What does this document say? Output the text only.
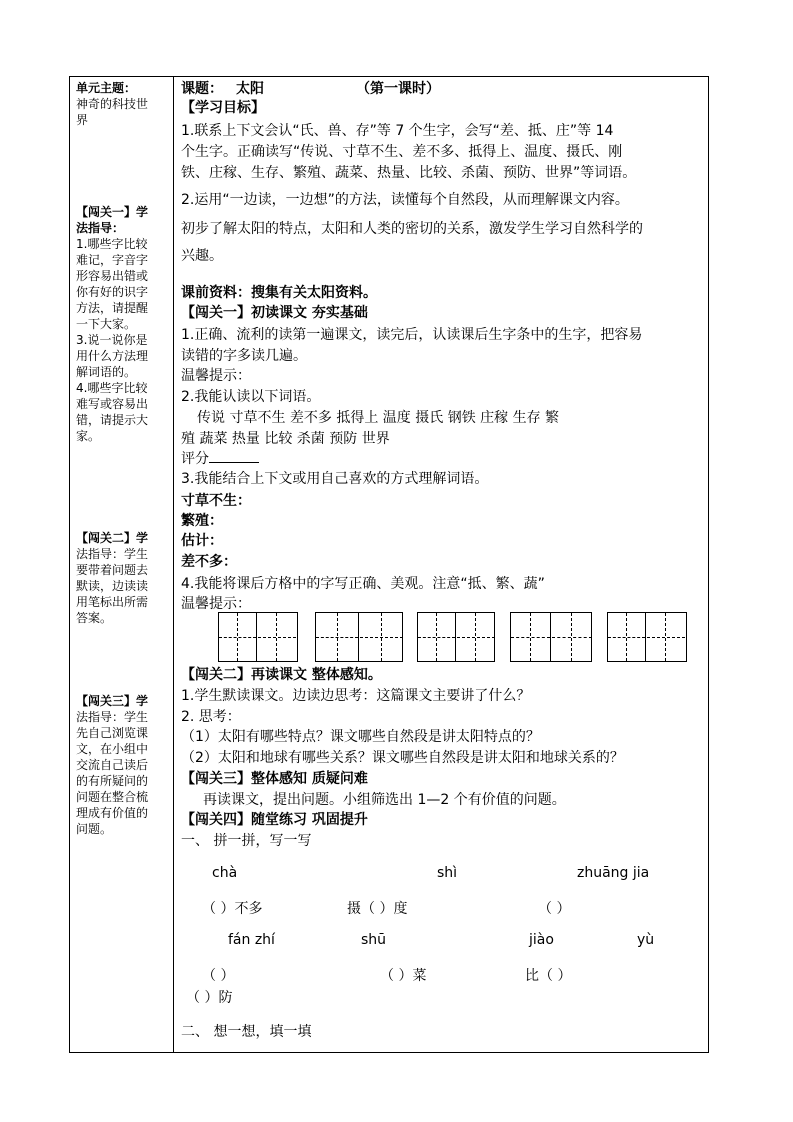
单元主题：
神奇的科技世
界
【闯关一】学
法指导：
1.哪些字比较
难记，字音字
形容易出错或
你有好的识字
方法，请提醒
一下大家。
3.说一说你是
用什么方法理
解词语的。
4.哪些字比较
难写或容易出
错，请提示大
家。
【闯关二】学
法指导：学生
要带着问题去
默读，边读读
用笔标出所需
答案。
【闯关三】学
法指导：学生
先自己浏览课
文，在小组中
交流自己读后
的有所疑问的
问题在整合梳
理成有价值的
问题。
课题： 太阳	（第一课时）
【学习目标】
1.联系上下文会认“氏、兽、存”等 7 个生字，会写“差、抵、庄”等 14
个生字。正确读写“传说、寸草不生、差不多、抵得上、温度、摄氏、刚
铁、庄稼、生存、繁殖、蔬菜、热量、比较、杀菌、预防、世界”等词语。
2.运用“一边读，一边想”的方法，读懂每个自然段，从而理解课文内容。
初步了解太阳的特点，太阳和人类的密切的关系，激发学生学习自然科学的
兴趣。
课前资料：搜集有关太阳资料。
【闯关一】初读课文 夯实基础
1.正确、流利的读第一遍课文，读完后，认读课后生字条中的生字，把容易
读错的字多读几遍。
温馨提示：
2.我能认读以下词语。
传说 寸草不生 差不多 抵得上 温度 摄氏 钢铁 庄稼 生存 繁
殖 蔬菜 热量 比较 杀菌 预防 世界
评分
3.我能结合上下文或用自己喜欢的方式理解词语。
寸草不生：
繁殖：
估计：
差不多：
4.我能将课后方格中的字写正确、美观。注意“抵、繁、蔬”
温馨提示：
【闯关二】再读课文 整体感知。
1.学生默读课文。边读边思考：这篇课文主要讲了什么？
2. 思考：
（1）太阳有哪些特点？课文哪些自然段是讲太阳特点的？
（2）太阳和地球有哪些关系？课文哪些自然段是讲太阳和地球关系的？
【闯关三】整体感知 质疑问难
再读课文，提出问题。小组筛选出 1—2 个有价值的问题。
【闯关四】随堂练习 巩固提升
一、 拼一拼，写一写
chà	shì	zhuāng jia
（ ）不多	摄（ ）度	（ ）
fán zhí	shū	jiào	yù
（ ）	（ ）菜	比（ ）
（ ）防
二、 想一想，填一填
